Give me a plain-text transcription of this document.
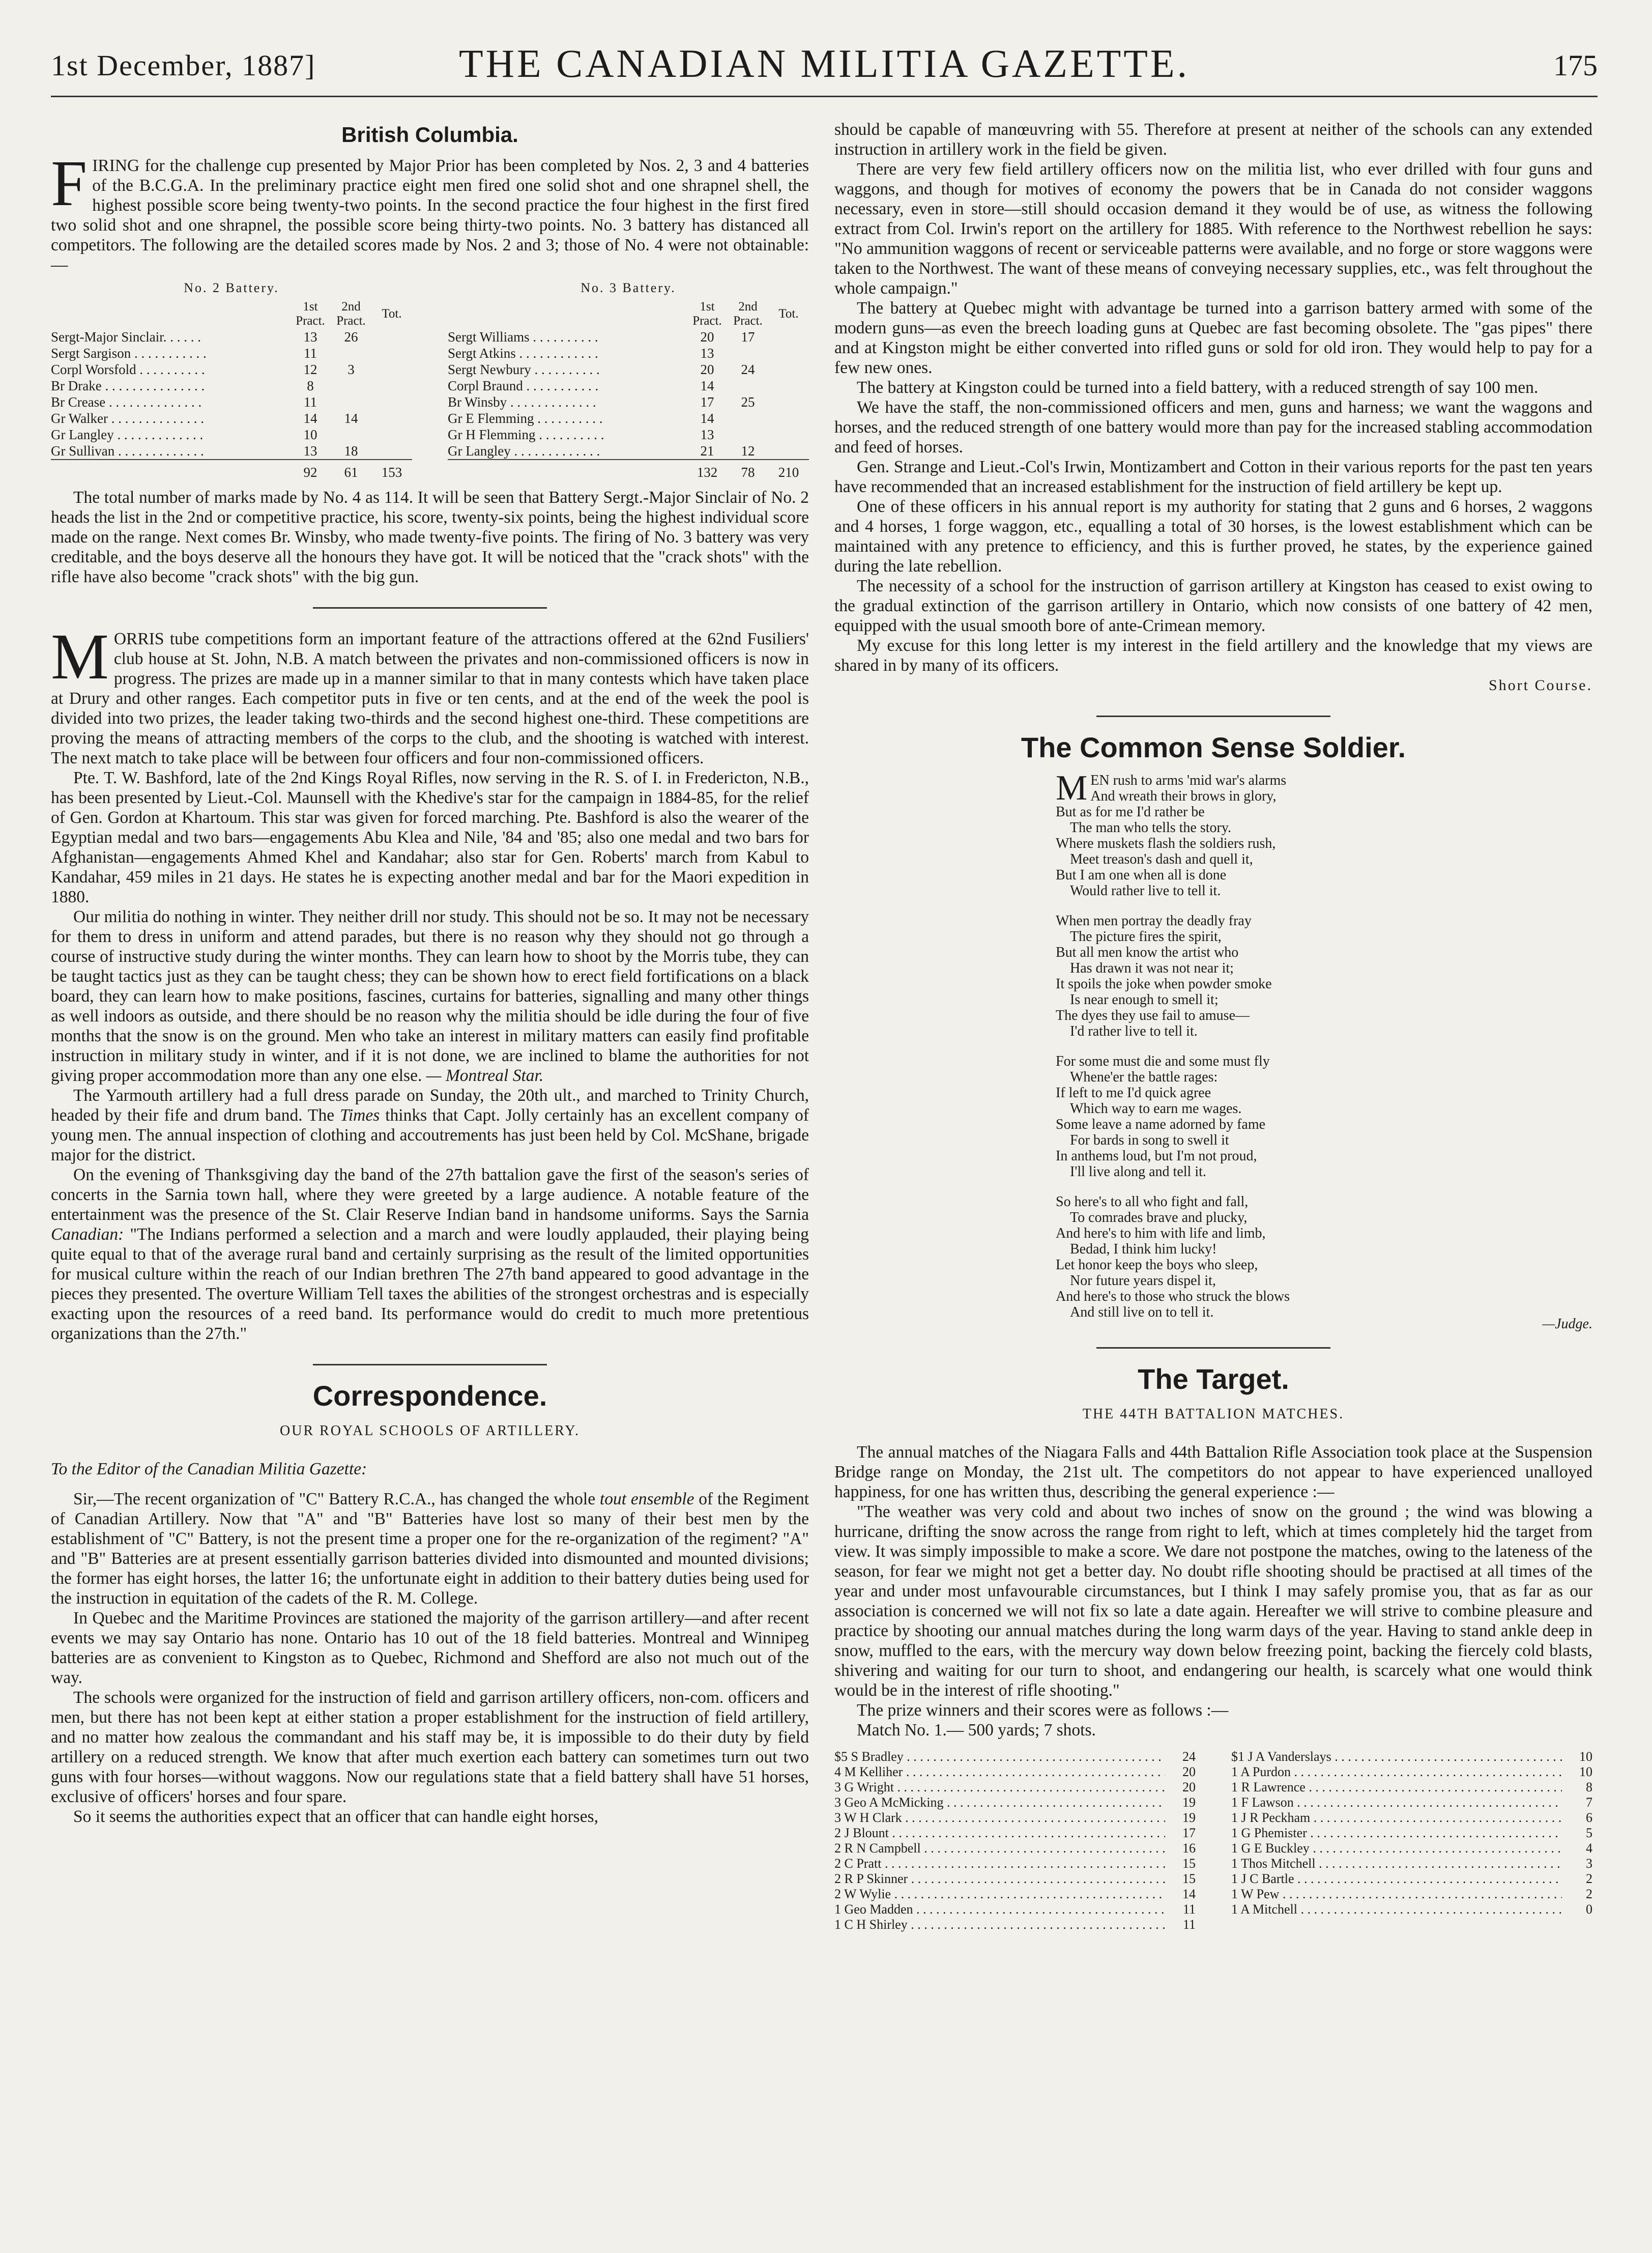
1st December, 1887]	THE CANADIAN MILITIA GAZETTE.	175
British Columbia.

FIRING for the challenge cup presented by Major Prior has been completed by Nos. 2, 3 and 4 batteries of the B.C.G.A. In the preliminary practice eight men fired one solid shot and one shrapnel shell, the highest possible score being twenty-two points. In the second practice the four highest in the first fired two solid shot and one shrapnel, the possible score being thirty-two points. No. 3 battery has distanced all competitors. The following are the detailed scores made by Nos. 2 and 3; those of No. 4 were not obtainable:—

No. 2 Battery.
	1st Pract.	2nd Pract.	Tot.
Sergt-Major Sinclair. . . . . .	13	26	
Sergt Sargison . . . . . . . . . . .	11		
Corpl Worsfold . . . . . . . . . .	12	3	
Br Drake . . . . . . . . . . . . . . .	8		
Br Crease . . . . . . . . . . . . . .	11		
Gr Walker . . . . . . . . . . . . . .	14	14	
Gr Langley . . . . . . . . . . . . .	10		
Gr Sullivan . . . . . . . . . . . . .	13	18	
	92	61	153
No. 3 Battery.
	1st Pract.	2nd Pract.	Tot.
Sergt Williams . . . . . . . . . .	20	17	
Sergt Atkins . . . . . . . . . . . .	13		
Sergt Newbury . . . . . . . . . .	20	24	
Corpl Braund . . . . . . . . . . .	14		
Br Winsby . . . . . . . . . . . . .	17	25	
Gr E Flemming . . . . . . . . . .	14		
Gr H Flemming . . . . . . . . . .	13		
Gr Langley . . . . . . . . . . . . .	21	12	
	132	78	210

The total number of marks made by No. 4 as 114. It will be seen that Battery Sergt.-Major Sinclair of No. 2 heads the list in the 2nd or competitive practice, his score, twenty-six points, being the highest individual score made on the range. Next comes Br. Winsby, who made twenty-five points. The firing of No. 3 battery was very creditable, and the boys deserve all the honours they have got. It will be noticed that the "crack shots" with the rifle have also become "crack shots" with the big gun.

MORRIS tube competitions form an important feature of the attractions offered at the 62nd Fusiliers' club house at St. John, N.B. A match between the privates and non-commissioned officers is now in progress. The prizes are made up in a manner similar to that in many contests which have taken place at Drury and other ranges. Each competitor puts in five or ten cents, and at the end of the week the pool is divided into two prizes, the leader taking two-thirds and the second highest one-third. These competitions are proving the means of attracting members of the corps to the club, and the shooting is watched with interest. The next match to take place will be between four officers and four non-commissioned officers.

Pte. T. W. Bashford, late of the 2nd Kings Royal Rifles, now serving in the R. S. of I. in Fredericton, N.B., has been presented by Lieut.-Col. Maunsell with the Khedive's star for the campaign in 1884-85, for the relief of Gen. Gordon at Khartoum. This star was given for forced marching. Pte. Bashford is also the wearer of the Egyptian medal and two bars—engagements Abu Klea and Nile, '84 and '85; also one medal and two bars for Afghanistan—engagements Ahmed Khel and Kandahar; also star for Gen. Roberts' march from Kabul to Kandahar, 459 miles in 21 days. He states he is expecting another medal and bar for the Maori expedition in 1880.

Our militia do nothing in winter. They neither drill nor study. This should not be so. It may not be necessary for them to dress in uniform and attend parades, but there is no reason why they should not go through a course of instructive study during the winter months. They can learn how to shoot by the Morris tube, they can be taught tactics just as they can be taught chess; they can be shown how to erect field fortifications on a black board, they can learn how to make positions, fascines, curtains for batteries, signalling and many other things as well indoors as outside, and there should be no reason why the militia should be idle during the four of five months that the snow is on the ground. Men who take an interest in military matters can easily find profitable instruction in military study in winter, and if it is not done, we are inclined to blame the authorities for not giving proper accommodation more than any one else. — Montreal Star.

The Yarmouth artillery had a full dress parade on Sunday, the 20th ult., and marched to Trinity Church, headed by their fife and drum band. The Times thinks that Capt. Jolly certainly has an excellent company of young men. The annual inspection of clothing and accoutrements has just been held by Col. McShane, brigade major for the district.

On the evening of Thanksgiving day the band of the 27th battalion gave the first of the season's series of concerts in the Sarnia town hall, where they were greeted by a large audience. A notable feature of the entertainment was the presence of the St. Clair Reserve Indian band in handsome uniforms. Says the Sarnia Canadian: "The Indians performed a selection and a march and were loudly applauded, their playing being quite equal to that of the average rural band and certainly surprising as the result of the limited opportunities for musical culture within the reach of our Indian brethren The 27th band appeared to good advantage in the pieces they presented. The overture William Tell taxes the abilities of the strongest orchestras and is especially exacting upon the resources of a reed band. Its performance would do credit to much more pretentious organizations than the 27th."

Correspondence.
OUR ROYAL SCHOOLS OF ARTILLERY.

To the Editor of the Canadian Militia Gazette:

Sir,—The recent organization of "C" Battery R.C.A., has changed the whole tout ensemble of the Regiment of Canadian Artillery. Now that "A" and "B" Batteries have lost so many of their best men by the establishment of "C" Battery, is not the present time a proper one for the re-organization of the regiment? "A" and "B" Batteries are at present essentially garrison batteries divided into dismounted and mounted divisions; the former has eight horses, the latter 16; the unfortunate eight in addition to their battery duties being used for the instruction in equitation of the cadets of the R. M. College.

In Quebec and the Maritime Provinces are stationed the majority of the garrison artillery—and after recent events we may say Ontario has none. Ontario has 10 out of the 18 field batteries. Montreal and Winnipeg batteries are as convenient to Kingston as to Quebec, Richmond and Shefford are also not much out of the way.

The schools were organized for the instruction of field and garrison artillery officers, non-com. officers and men, but there has not been kept at either station a proper establishment for the instruction of field artillery, and no matter how zealous the commandant and his staff may be, it is impossible to do their duty by field artillery on a reduced strength. We know that after much exertion each battery can sometimes turn out two guns with four horses—without waggons. Now our regulations state that a field battery shall have 51 horses, exclusive of officers' horses and four spare.

So it seems the authorities expect that an officer that can handle eight horses,

should be capable of manœuvring with 55. Therefore at present at neither of the schools can any extended instruction in artillery work in the field be given.

There are very few field artillery officers now on the militia list, who ever drilled with four guns and waggons, and though for motives of economy the powers that be in Canada do not consider waggons necessary, even in store—still should occasion demand it they would be of use, as witness the following extract from Col. Irwin's report on the artillery for 1885. With reference to the Northwest rebellion he says: "No ammunition waggons of recent or serviceable patterns were available, and no forge or store waggons were taken to the Northwest. The want of these means of conveying necessary supplies, etc., was felt throughout the whole campaign."

The battery at Quebec might with advantage be turned into a garrison battery armed with some of the modern guns—as even the breech loading guns at Quebec are fast becoming obsolete. The "gas pipes" there and at Kingston might be either converted into rifled guns or sold for old iron. They would help to pay for a few new ones.

The battery at Kingston could be turned into a field battery, with a reduced strength of say 100 men.

We have the staff, the non-commissioned officers and men, guns and harness; we want the waggons and horses, and the reduced strength of one battery would more than pay for the increased stabling accommodation and feed of horses.

Gen. Strange and Lieut.-Col's Irwin, Montizambert and Cotton in their various reports for the past ten years have recommended that an increased establishment for the instruction of field artillery be kept up.

One of these officers in his annual report is my authority for stating that 2 guns and 6 horses, 2 waggons and 4 horses, 1 forge waggon, etc., equalling a total of 30 horses, is the lowest establishment which can be maintained with any pretence to efficiency, and this is further proved, he states, by the experience gained during the late rebellion.

The necessity of a school for the instruction of garrison artillery at Kingston has ceased to exist owing to the gradual extinction of the garrison artillery in Ontario, which now consists of one battery of 42 men, equipped with the usual smooth bore of ante-Crimean memory.

My excuse for this long letter is my interest in the field artillery and the knowledge that my views are shared in by many of its officers.

Short Course.
The Common Sense Soldier.
MEN rush to arms 'mid war's alarms
And wreath their brows in glory,
But as for me I'd rather be
The man who tells the story.
Where muskets flash the soldiers rush,
Meet treason's dash and quell it,
But I am one when all is done
Would rather live to tell it.
When men portray the deadly fray
The picture fires the spirit,
But all men know the artist who
Has drawn it was not near it;
It spoils the joke when powder smoke
Is near enough to smell it;
The dyes they use fail to amuse—
I'd rather live to tell it.
For some must die and some must fly
Whene'er the battle rages:
If left to me I'd quick agree
Which way to earn me wages.
Some leave a name adorned by fame
For bards in song to swell it
In anthems loud, but I'm not proud,
I'll live along and tell it.
So here's to all who fight and fall,
To comrades brave and plucky,
And here's to him with life and limb,
Bedad, I think him lucky!
Let honor keep the boys who sleep,
Nor future years dispel it,
And here's to those who struck the blows
And still live on to tell it.
—Judge.
The Target.
THE 44TH BATTALION MATCHES.

The annual matches of the Niagara Falls and 44th Battalion Rifle Association took place at the Suspension Bridge range on Monday, the 21st ult. The competitors do not appear to have experienced unalloyed happiness, for one has written thus, describing the general experience :—

"The weather was very cold and about two inches of snow on the ground ; the wind was blowing a hurricane, drifting the snow across the range from right to left, which at times completely hid the target from view. It was simply impossible to make a score. We dare not postpone the matches, owing to the lateness of the season, for fear we might not get a better day. No doubt rifle shooting should be practised at all times of the year and under most unfavourable circumstances, but I think I may safely promise you, that as far as our association is concerned we will not fix so late a date again. Hereafter we will strive to combine pleasure and practice by shooting our annual matches during the long warm days of the year. Having to stand ankle deep in snow, muffled to the ears, with the mercury way down below freezing point, backing the fiercely cold blasts, shivering and waiting for our turn to shoot, and endangering our health, is scarcely what one would think would be in the interest of rifle shooting."

The prize winners and their scores were as follows :—

Match No. 1.— 500 yards; 7 shots.

$5 S Bradley . . .	24
4 M Kelliher . . .	20
3 G Wright . . .	20
3 Geo A McMicking . . .	19
3 W H Clark . . .	19
2 J Blount . . .	17
2 R N Campbell . . .	16
2 C Pratt . . .	15
2 R P Skinner . . .	15
2 W Wylie . . .	14
1 Geo Madden . . .	11
1 C H Shirley . . .	11
$1 J A Vanderslays . . .	10
1 A Purdon . . .	10
1 R Lawrence . . .	8
1 F Lawson . . .	7
1 J R Peckham . . .	6
1 G Phemister . . .	5
1 G E Buckley . . .	4
1 Thos Mitchell . . .	3
1 J C Bartle . . .	2
1 W Pew . . .	2
1 A Mitchell . . .	0
